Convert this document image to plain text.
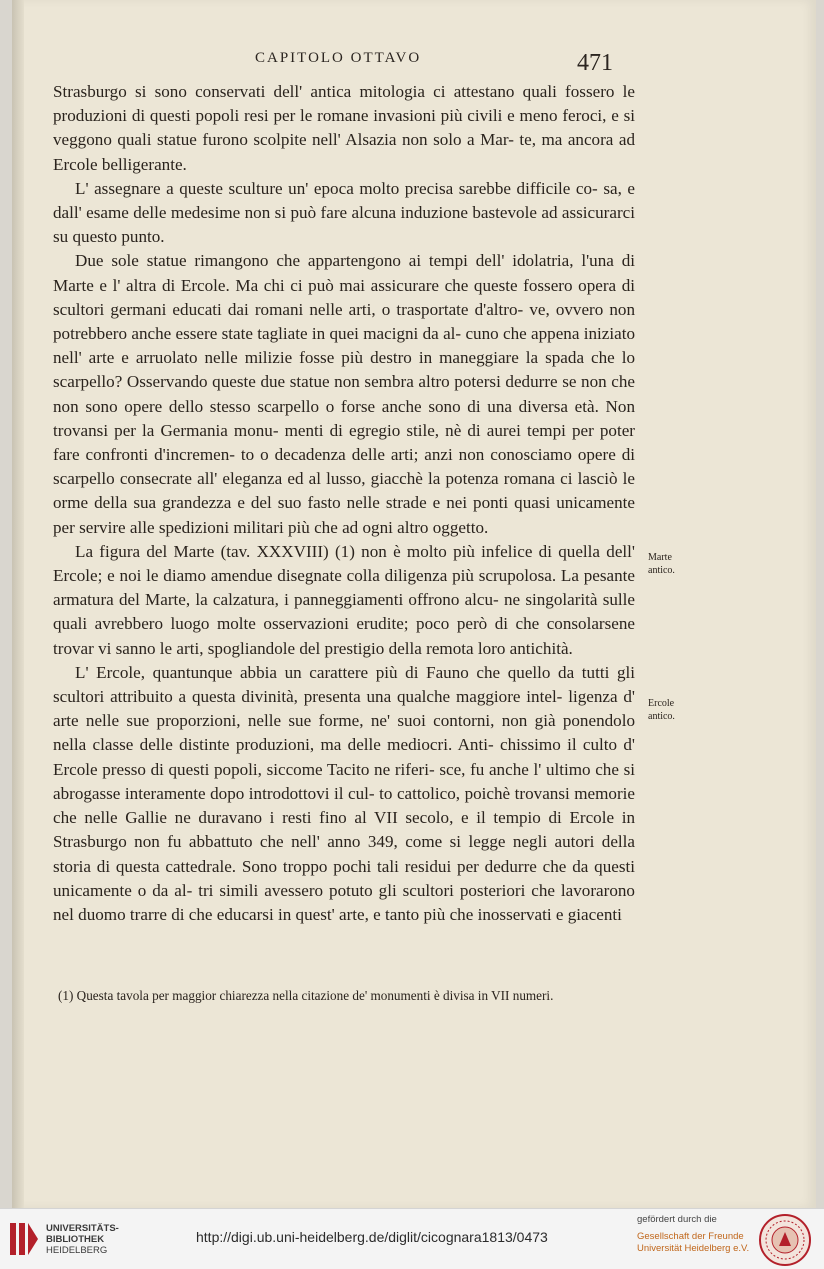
CAPITOLO OTTAVO	471

Strasburgo si sono conservati dell' antica mitologia ci attestano quali fossero le produzioni di questi popoli resi per le romane invasioni più civili e meno feroci, e si veggono quali statue furono scolpite nell' Alsazia non solo a Mar- te, ma ancora ad Ercole belligerante.

L' assegnare a queste sculture un' epoca molto precisa sarebbe difficile co- sa, e dall' esame delle medesime non si può fare alcuna induzione bastevole ad assicurarci su questo punto.

Due sole statue rimangono che appartengono ai tempi dell' idolatria, l'una di Marte e l' altra di Ercole. Ma chi ci può mai assicurare che queste fossero opera di scultori germani educati dai romani nelle arti, o trasportate d'altro- ve, ovvero non potrebbero anche essere state tagliate in quei macigni da al- cuno che appena iniziato nell' arte e arruolato nelle milizie fosse più destro in maneggiare la spada che lo scarpello? Osservando queste due statue non sembra altro potersi dedurre se non che non sono opere dello stesso scarpello o forse anche sono di una diversa età. Non trovansi per la Germania monu- menti di egregio stile, nè di aurei tempi per poter fare confronti d'incremen- to o decadenza delle arti; anzi non conosciamo opere di scarpello consecrate all' eleganza ed al lusso, giacchè la potenza romana ci lasciò le orme della sua grandezza e del suo fasto nelle strade e nei ponti quasi unicamente per servire alle spedizioni militari più che ad ogni altro oggetto.

La figura del Marte (tav. XXXVIII) (1) non è molto più infelice di quella dell' Ercole; e noi le diamo amendue disegnate colla diligenza più scrupolosa. La pesante armatura del Marte, la calzatura, i panneggiamenti offrono alcu- ne singolarità sulle quali avrebbero luogo molte osservazioni erudite; poco però di che consolarsene trovar vi sanno le arti, spogliandole del prestigio della remota loro antichità.

L' Ercole, quantunque abbia un carattere più di Fauno che quello da tutti gli scultori attribuito a questa divinità, presenta una qualche maggiore intel- ligenza d' arte nelle sue proporzioni, nelle sue forme, ne' suoi contorni, non già ponendolo nella classe delle distinte produzioni, ma delle mediocri. Anti- chissimo il culto d' Ercole presso di questi popoli, siccome Tacito ne riferi- sce, fu anche l' ultimo che si abrogasse interamente dopo introdottovi il cul- to cattolico, poichè trovansi memorie che nelle Gallie ne duravano i resti fino al VII secolo, e il tempio di Ercole in Strasburgo non fu abbattuto che nell' anno 349, come si legge negli autori della storia di questa cattedrale. Sono troppo pochi tali residui per dedurre che da questi unicamente o da al- tri simili avessero potuto gli scultori posteriori che lavorarono nel duomo trarre di che educarsi in quest' arte, e tanto più che inosservati e giacenti

Marte
antico.
Ercole
antico.
(1) Questa tavola per maggior chiarezza nella citazione de' monumenti è divisa in VII numeri.
UNIVERSITÄTS-
BIBLIOTHEK
HEIDELBERG
http://digi.ub.uni-heidelberg.de/diglit/cicognara1813/0473
gefördert durch die
Gesellschaft der Freunde
Universität Heidelberg e.V.
